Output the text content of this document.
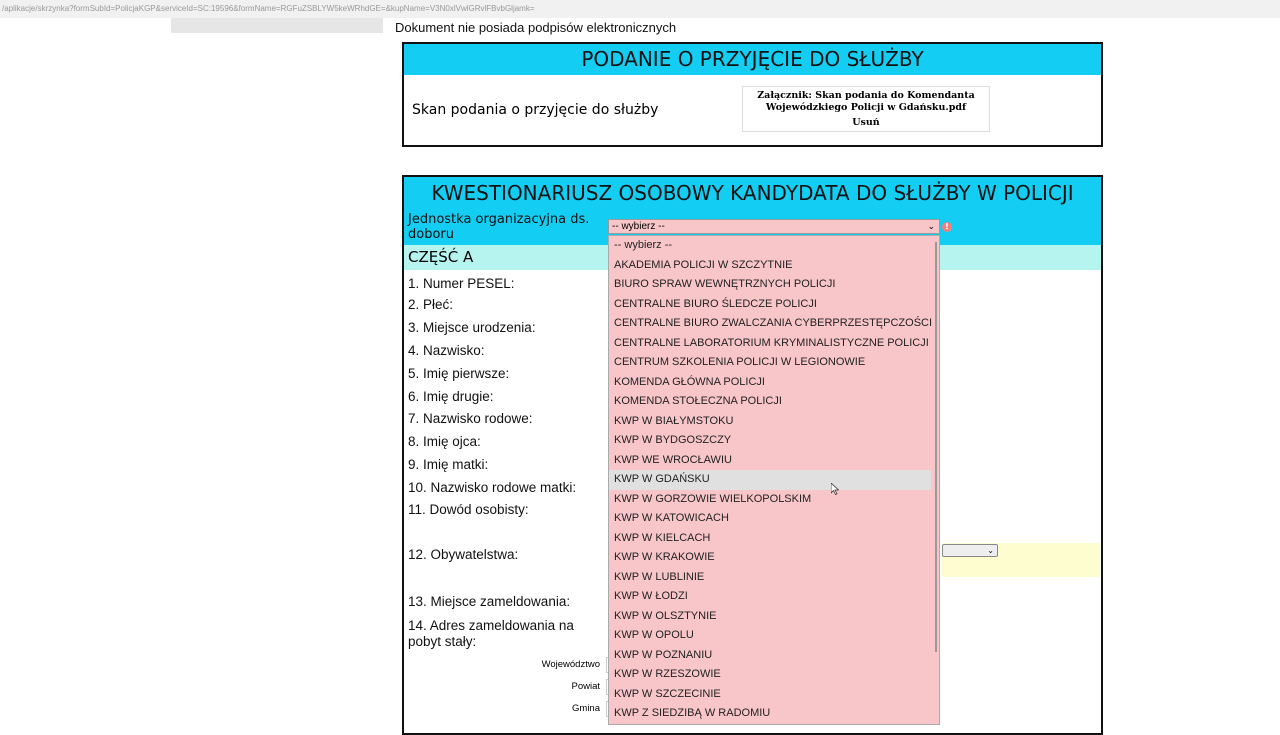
/aplikacje/skrzynka?formSubId=PolicjaKGP&serviceId=SC:19596&formName=RGFuZSBLYW5keWRhdGE=&kupName=V3N0xlVwlGRvlFBvbGljamk=
Dokument nie posiada podpisów elektronicznych
PODANIE O PRZYJĘCIE DO SŁUŻBY
Skan podania o przyjęcie do służby
Załącznik: Skan podania do Komendanta Wojewódzkiego Policji w Gdańsku.pdf
Usuń
KWESTIONARIUSZ OSOBOWY KANDYDATA DO SŁUŻBY W POLICJI
Jednostka organizacyjna ds. doboru
CZĘŚĆ A
1. Numer PESEL:
2. Płeć:
3. Miejsce urodzenia:
4. Nazwisko:
5. Imię pierwsze:
6. Imię drugie:
7. Nazwisko rodowe:
8. Imię ojca:
9. Imię matki:
10. Nazwisko rodowe matki:
11. Dowód osobisty:
12. Obywatelstwa:
13. Miejsce zameldowania:
14. Adres zameldowania na pobyt stały:
⌄
Województwo
Powiat
Gmina
-- wybierz --	⌄	!
-- wybierz --
AKADEMIA POLICJI W SZCZYTNIE
BIURO SPRAW WEWNĘTRZNYCH POLICJI
CENTRALNE BIURO ŚLEDCZE POLICJI
CENTRALNE BIURO ZWALCZANIA CYBERPRZESTĘPCZOŚCI
CENTRALNE LABORATORIUM KRYMINALISTYCZNE POLICJI
CENTRUM SZKOLENIA POLICJI W LEGIONOWIE
KOMENDA GŁÓWNA POLICJI
KOMENDA STOŁECZNA POLICJI
KWP W BIAŁYMSTOKU
KWP W BYDGOSZCZY
KWP WE WROCŁAWIU
KWP W GDAŃSKU
KWP W GORZOWIE WIELKOPOLSKIM
KWP W KATOWICACH
KWP W KIELCACH
KWP W KRAKOWIE
KWP W LUBLINIE
KWP W ŁODZI
KWP W OLSZTYNIE
KWP W OPOLU
KWP W POZNANIU
KWP W RZESZOWIE
KWP W SZCZECINIE
KWP Z SIEDZIBĄ W RADOMIU
